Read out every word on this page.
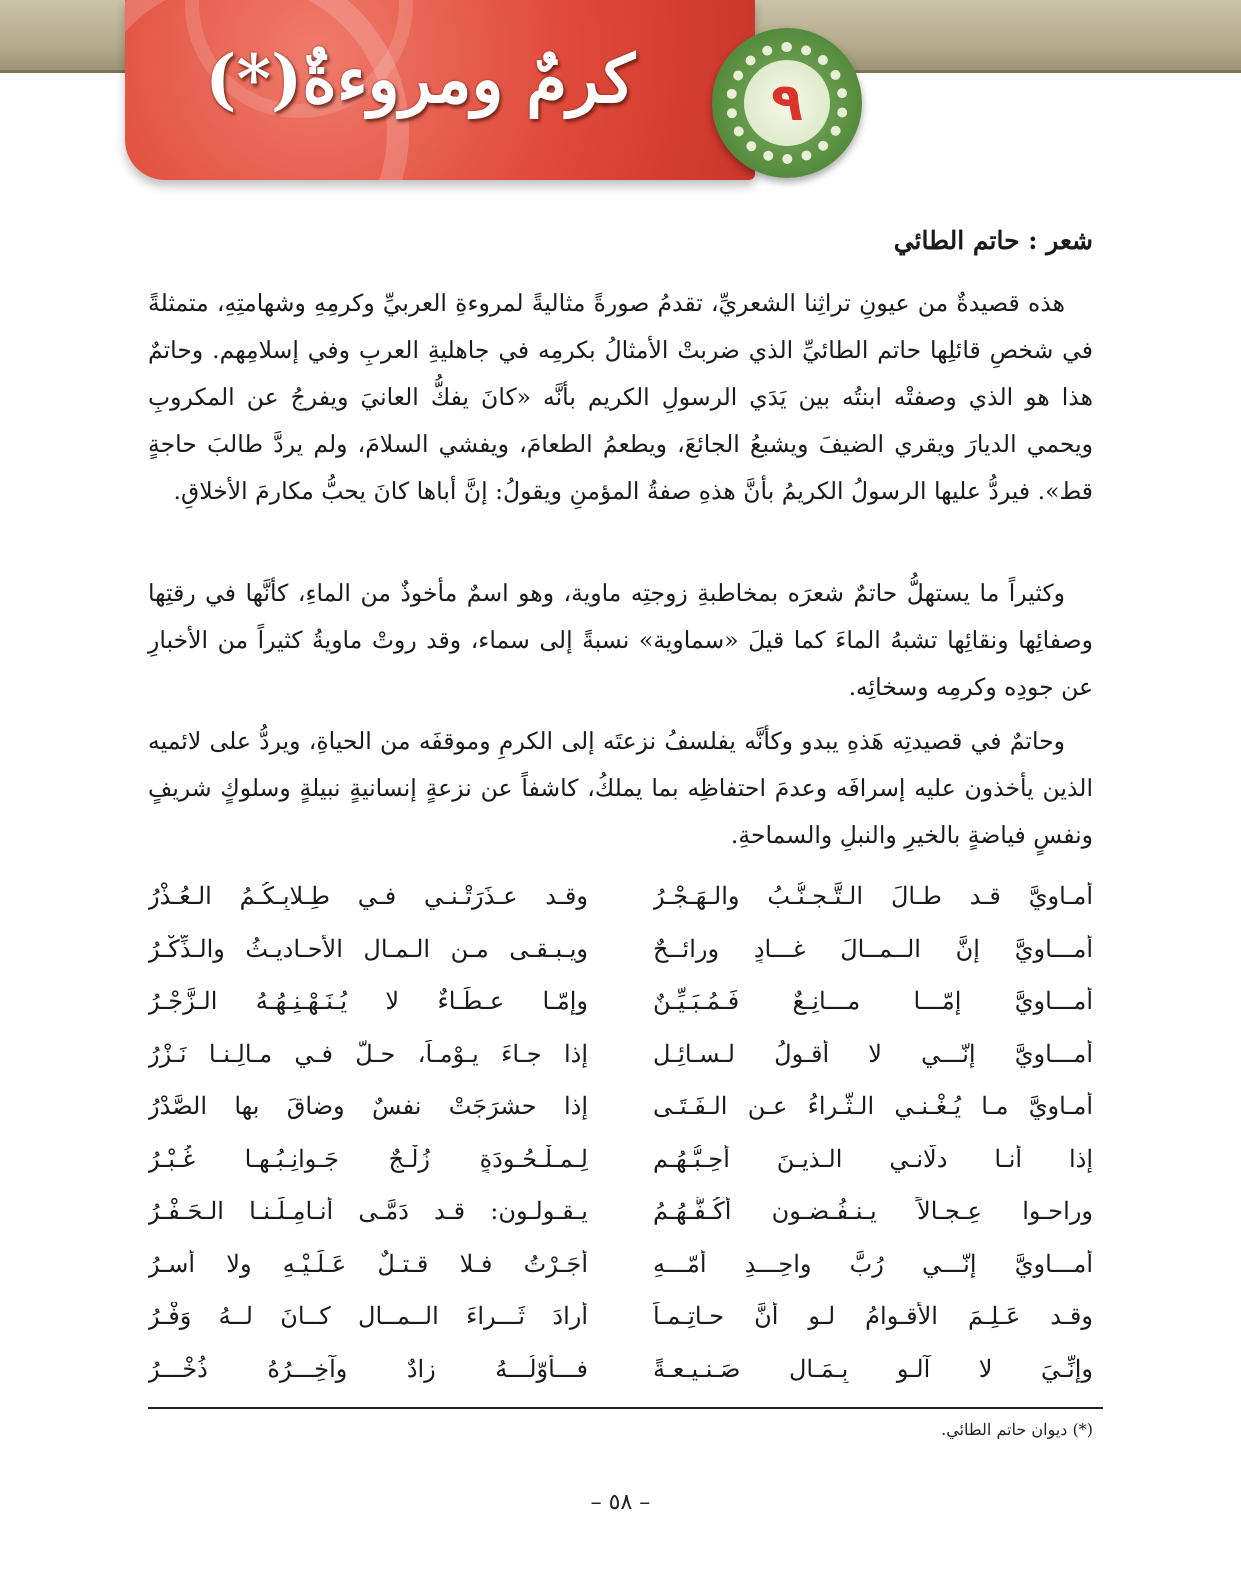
كرمٌ ومروءةٌ(*)	٩
شعر : حاتم الطائي

هذه قصيدةٌ من عيونِ تراثِنا الشعريِّ، تقدمُ صورةً مثاليةً لمروءةِ العربيِّ وكرمِهِ وشهامتِهِ، متمثلةً في شخصِ قائلِها حاتم الطائيِّ الذي ضربتْ الأمثالُ بكرمِه في جاهليةِ العربِ وفي إسلامِهم. وحاتمٌ هذا هو الذي وصفتْه ابنتُه بين يَدَي الرسولِ الكريم بأنَّه «كانَ يفكُّ العانيَ ويفرجُ عن المكروبِ ويحمي الديارَ ويقري الضيفَ ويشبعُ الجائعَ، ويطعمُ الطعامَ، ويفشي السلامَ، ولم يردَّ طالبَ حاجةٍ قط». فيردُّ عليها الرسولُ الكريمُ بأنَّ هذهِ صفةُ المؤمنِ ويقولُ: إنَّ أباها كانَ يحبُّ مكارمَ الأخلاقِ.

وكثيراً ما يستهلُّ حاتمٌ شعرَه بمخاطبةِ زوجتِه ماوية، وهو اسمٌ مأخوذٌ من الماءِ، كأنَّها في رقتِها وصفائِها ونقائِها تشبهُ الماءَ كما قيلَ «سماوية» نسبةً إلى سماء، وقد روتْ ماويةُ كثيراً من الأخبارِ عن جودِه وكرمِه وسخائِه.

وحاتمٌ في قصيدتِه هَذهِ يبدو وكأنَّه يفلسفُ نزعتَه إلى الكرمِ وموقفَه من الحياةِ، ويردُّ على لائميه الذين يأخذون عليه إسرافَه وعدمَ احتفاظِه بما يملكُ، كاشفاً عن نزعةٍ إنسانيةٍ نبيلةٍ وسلوكٍ شريفٍ ونفسٍ فياضةٍ بالخيرِ والنبلِ والسماحةِ.

أمـاوِيَّ قـد طـالَ الـتَّـجـنُّـبُ والـهَـجْـرُ
وقـد عـذَرَتْـنـي فـي طِـلابِـكُـمُ الـعُـذْرُ
أمـــاوِيَّ إنَّ الــمــالَ غـــادٍ ورائــحٌ
ويـبـقـى مـن الـمـالِ الأحـاديـثُ والـذِّكْـرُ
أمـــاوِيَّ إمّـــا مـــانِـعٌ فَـمُـبَـيِّـنٌ
وإمّـا عـطَـاءٌ لا يُـنَـهْـنِـهُـهُ الـزَّجْـرُ
أمـــاوِيَّ إنّـــي لا أقـولُ لـسـائِـلٍ
إذا جـاءَ يـوْمـاً، حـلَّ فـي مـالِـنـا نَـزْرُ
أمـاوِيَّ مـا يُـغْـنـي الـثَّـراءُ عـن الـفَـتَـى
إذا حشرَجَتْ نفسٌ وضاقَ بها الصَّدْرُ
إذا أنـا دلّانـي الـذيـنَ أُحِـبُّـهُـم
لِـمـلْـحُـودَةٍ زُلْـجٌ جَـوانِـبُـهـا غُـبْـرُ
وراحـوا عِـجـالاً يـنـفُـضـون أكُـفَّـهُـمُ
يـقـولـون: قـد دَمَّـى أنـامِـلَـنـا الـحَـفْـرُ
أمـــاوِيَّ إنّـــي رُبَّ واحِـــدِ أُمّـــهِ
أجَـرْتُ فـلا قـتـلٌ عَـلَـيْـهِ ولا أسـرُ
وقـد عَـلِـمَ الأقـوامُ لـو أنَّ حـاتِـمـاً
أرادَ ثَـــراءَ الــمــالِ كــانَ لــهُ وَفْـرُ
وإنِّـيَ لا آلـو بِـمَـالٍ صَـنـيـعـةً
فـــأوّلُـــهُ زادٌ وآخِـــرُهُ ذُخْـــرُ
(*) ديوان حاتم الطائي.
– ٥٨ –
